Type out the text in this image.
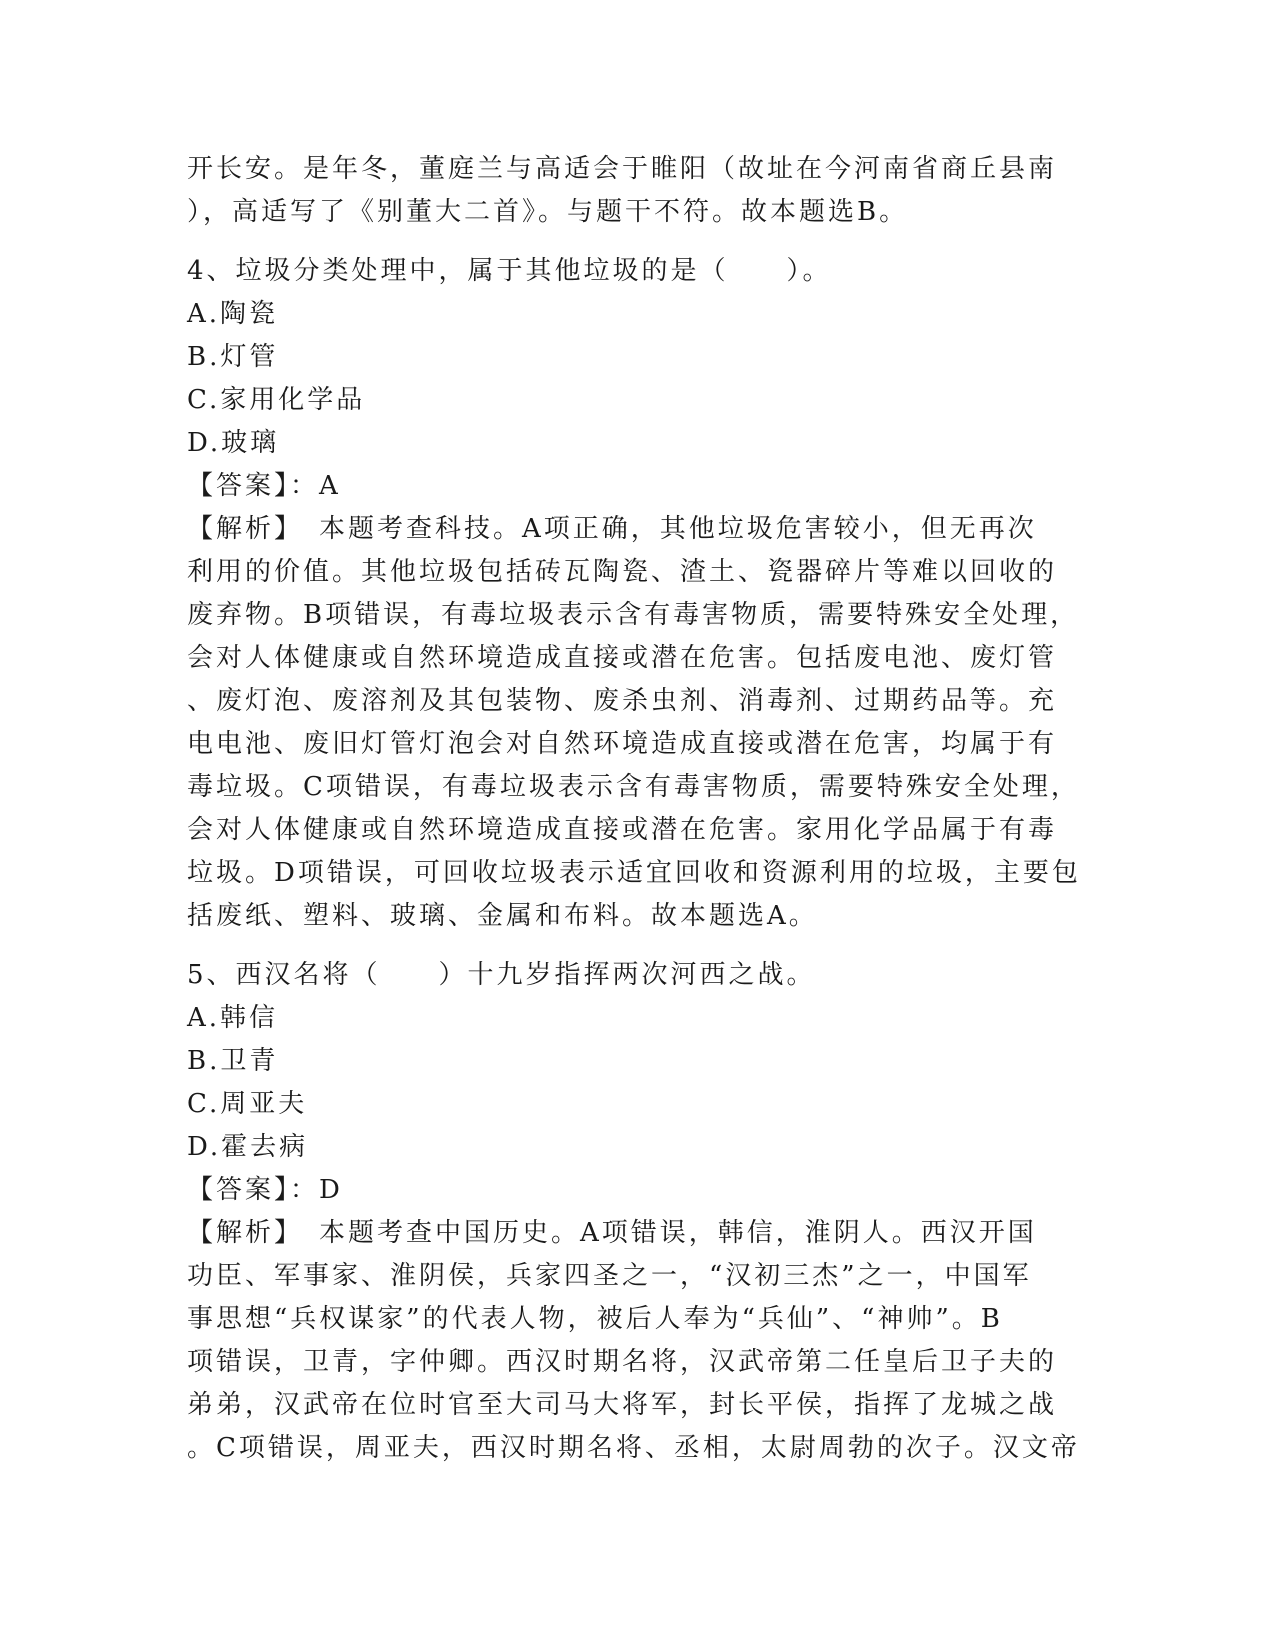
开长安。是年冬，董庭兰与高适会于睢阳（故址在今河南省商丘县南
），高适写了《别董大二首》。与题干不符。故本题选B。
4、垃圾分类处理中，属于其他垃圾的是（　　）。
A.陶瓷
B.灯管
C.家用化学品
D.玻璃
【答案】：A
【解析】　本题考查科技。A项正确，其他垃圾危害较小，但无再次
利用的价值。其他垃圾包括砖瓦陶瓷、渣土、瓷器碎片等难以回收的
废弃物。B项错误，有毒垃圾表示含有毒害物质，需要特殊安全处理，
会对人体健康或自然环境造成直接或潜在危害。包括废电池、废灯管
、废灯泡、废溶剂及其包装物、废杀虫剂、消毒剂、过期药品等。充
电电池、废旧灯管灯泡会对自然环境造成直接或潜在危害，均属于有
毒垃圾。C项错误，有毒垃圾表示含有毒害物质，需要特殊安全处理，
会对人体健康或自然环境造成直接或潜在危害。家用化学品属于有毒
垃圾。D项错误，可回收垃圾表示适宜回收和资源利用的垃圾，主要包
括废纸、塑料、玻璃、金属和布料。故本题选A。
5、西汉名将（　　）十九岁指挥两次河西之战。
A.韩信
B.卫青
C.周亚夫
D.霍去病
【答案】：D
【解析】　本题考查中国历史。A项错误，韩信，淮阴人。西汉开国
功臣、军事家、淮阴侯，兵家四圣之一，“汉初三杰”之一，中国军
事思想“兵权谋家”的代表人物，被后人奉为“兵仙”、“神帅”。B
项错误，卫青，字仲卿。西汉时期名将，汉武帝第二任皇后卫子夫的
弟弟，汉武帝在位时官至大司马大将军，封长平侯，指挥了龙城之战
。C项错误，周亚夫，西汉时期名将、丞相，太尉周勃的次子。汉文帝
